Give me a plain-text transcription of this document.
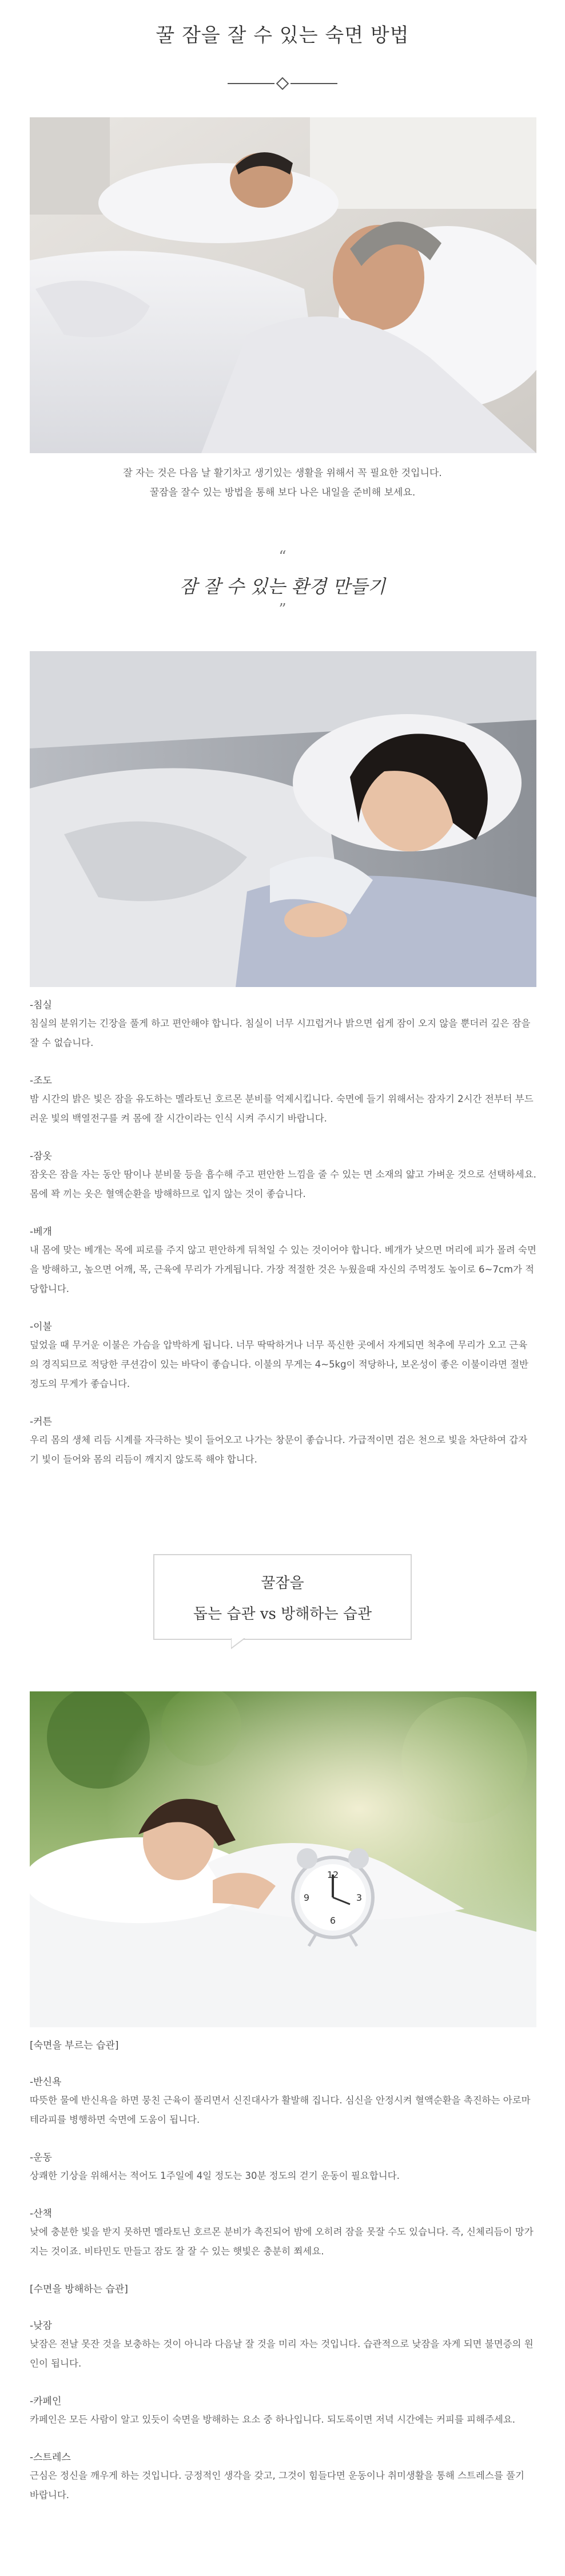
꿀 잠을 잘 수 있는 숙면 방법
잘 자는 것은 다음 날 활기차고 생기있는 생활을 위해서 꼭 필요한 것입니다.
꿀잠을 잘수 있는 방법을 통해 보다 나은 내일을 준비해 보세요.
“
잠 잘 수 있는 환경 만들기
”
-침실
침실의 분위기는 긴장을 풀게 하고 편안해야 합니다. 침실이 너무 시끄럽거나 밝으면 쉽게 잠이 오지 않을 뿐더러 깊은 잠을 잘 수 없습니다.
-조도
밤 시간의 밝은 빛은 잠을 유도하는 멜라토닌 호르몬 분비를 억제시킵니다. 숙면에 들기 위해서는 잠자기 2시간 전부터 부드러운 빛의 백열전구를 켜 몸에 잘 시간이라는 인식 시켜 주시기 바랍니다.
-잠옷
잠옷은 잠을 자는 동안 땀이나 분비물 등을 흡수해 주고 편안한 느낌을 줄 수 있는 면 소재의 얇고 가벼운 것으로 선택하세요. 몸에 꽉 끼는 옷은 혈액순환을 방해하므로 입지 않는 것이 좋습니다.
-베개
내 몸에 맞는 베개는 목에 피로를 주지 않고 편안하게 뒤척일 수 있는 것이어야 합니다. 베개가 낮으면 머리에 피가 몰려 숙면을 방해하고, 높으면 어깨, 목, 근육에 무리가 가게됩니다. 가장 적절한 것은 누웠을때 자신의 주먹정도 높이로 6~7cm가 적당합니다.
-이불
덮었을 때 무거운 이불은 가슴을 압박하게 됩니다. 너무 딱딱하거나 너무 푹신한 곳에서 자게되면 척추에 무리가 오고 근육의 경직되므로 적당한 쿠션감이 있는 바닥이 좋습니다. 이불의 무게는 4~5kg이 적당하나, 보온성이 좋은 이불이라면 절반정도의 무게가 좋습니다.
-커튼
우리 몸의 생체 리듬 시계를 자극하는 빛이 들어오고 나가는 창문이 좋습니다. 가급적이면 검은 천으로 빛을 차단하여 갑자기 빛이 들어와 몸의 리듬이 깨지지 않도록 해야 합니다.
꿀잠을
돕는 습관 vs 방해하는 습관
12
3
6
9
[숙면을 부르는 습관]
-반신욕
따뜻한 물에 반신욕을 하면 뭉친 근육이 풀리면서 신진대사가 활발해 집니다. 심신을 안정시켜 혈액순환을 촉진하는 아로마테라피를 병행하면 숙면에 도움이 됩니다.
-운동
상쾌한 기상을 위해서는 적어도 1주일에 4일 정도는 30분 정도의 걷기 운동이 필요합니다.
-산책
낮에 충분한 빛을 받지 못하면 멜라토닌 호르몬 분비가 촉진되어 밤에 오히려 잠을 못잘 수도 있습니다. 즉, 신체리듬이 망가지는 것이죠. 비타민도 만들고 잠도 잘 잘 수 있는 햇빛은 충분히 쬐세요.
[수면을 방해하는 습관]
-낮잠
낮잠은 전날 못잔 것을 보충하는 것이 아니라 다음날 잘 것을 미리 자는 것입니다. 습관적으로 낮잠을 자게 되면 불면증의 원인이 됩니다.
-카페인
카페인은 모든 사람이 알고 있듯이 숙면을 방해하는 요소 중 하나입니다. 되도록이면 저녁 시간에는 커피를 피해주세요.
-스트레스
근심은 정신을 깨우게 하는 것입니다. 긍정적인 생각을 갖고, 그것이 힘들다면 운동이나 취미생활을 통해 스트레스를 풀기 바랍니다.
